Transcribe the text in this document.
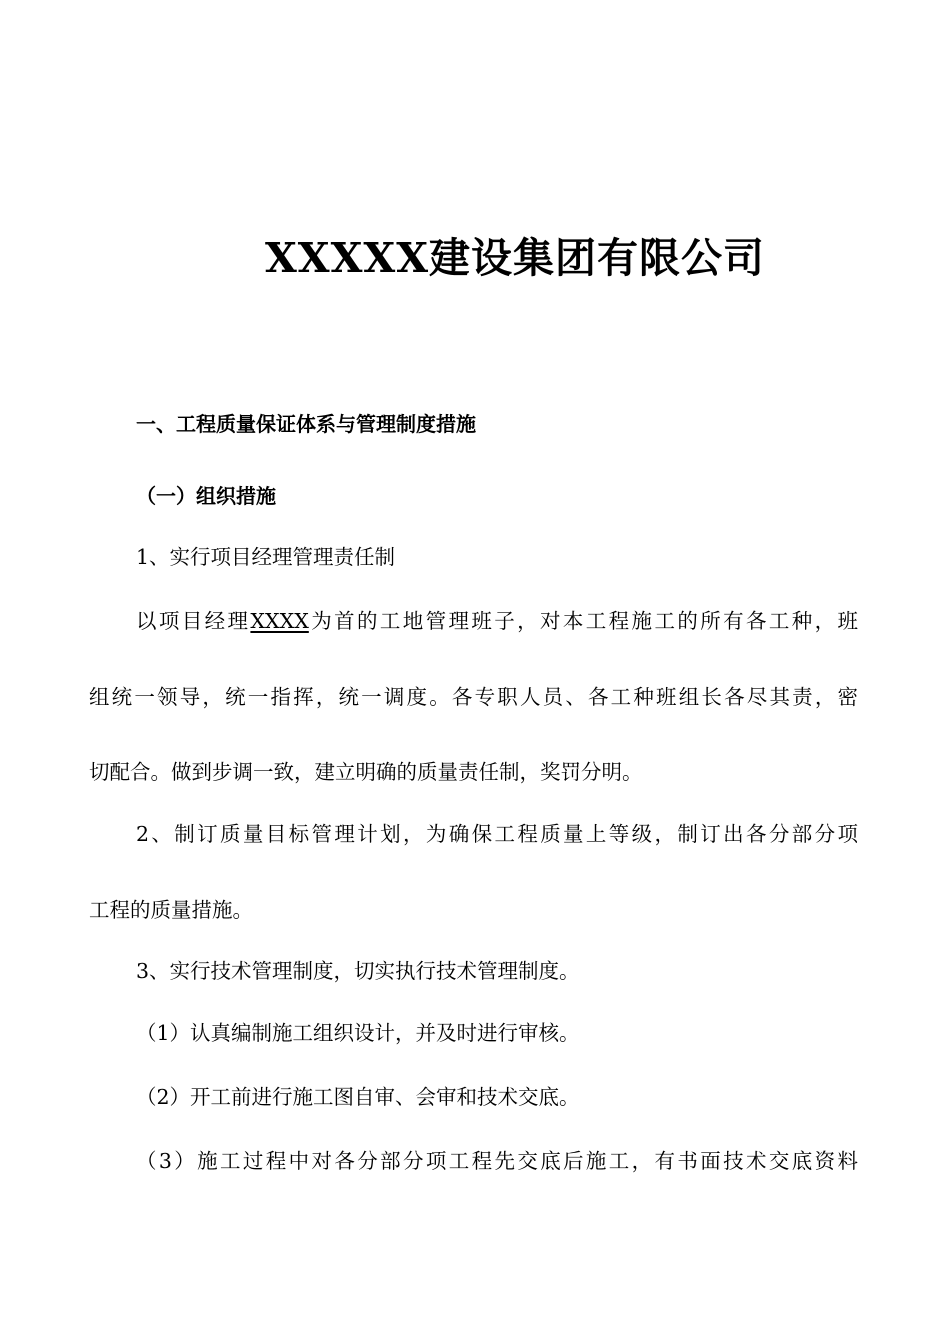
XXXXX建设集团有限公司
一、工程质量保证体系与管理制度措施
（一）组织措施
1、实行项目经理管理责任制
以项目经理XXXX为首的工地管理班子，对本工程施工的所有各工种，班
组统一领导，统一指挥，统一调度。各专职人员、各工种班组长各尽其责，密
切配合。做到步调一致，建立明确的质量责任制，奖罚分明。
2、制订质量目标管理计划，为确保工程质量上等级，制订出各分部分项
工程的质量措施。
3、实行技术管理制度，切实执行技术管理制度。
（1）认真编制施工组织设计，并及时进行审核。
（2）开工前进行施工图自审、会审和技术交底。
（3）施工过程中对各分部分项工程先交底后施工，有书面技术交底资料
